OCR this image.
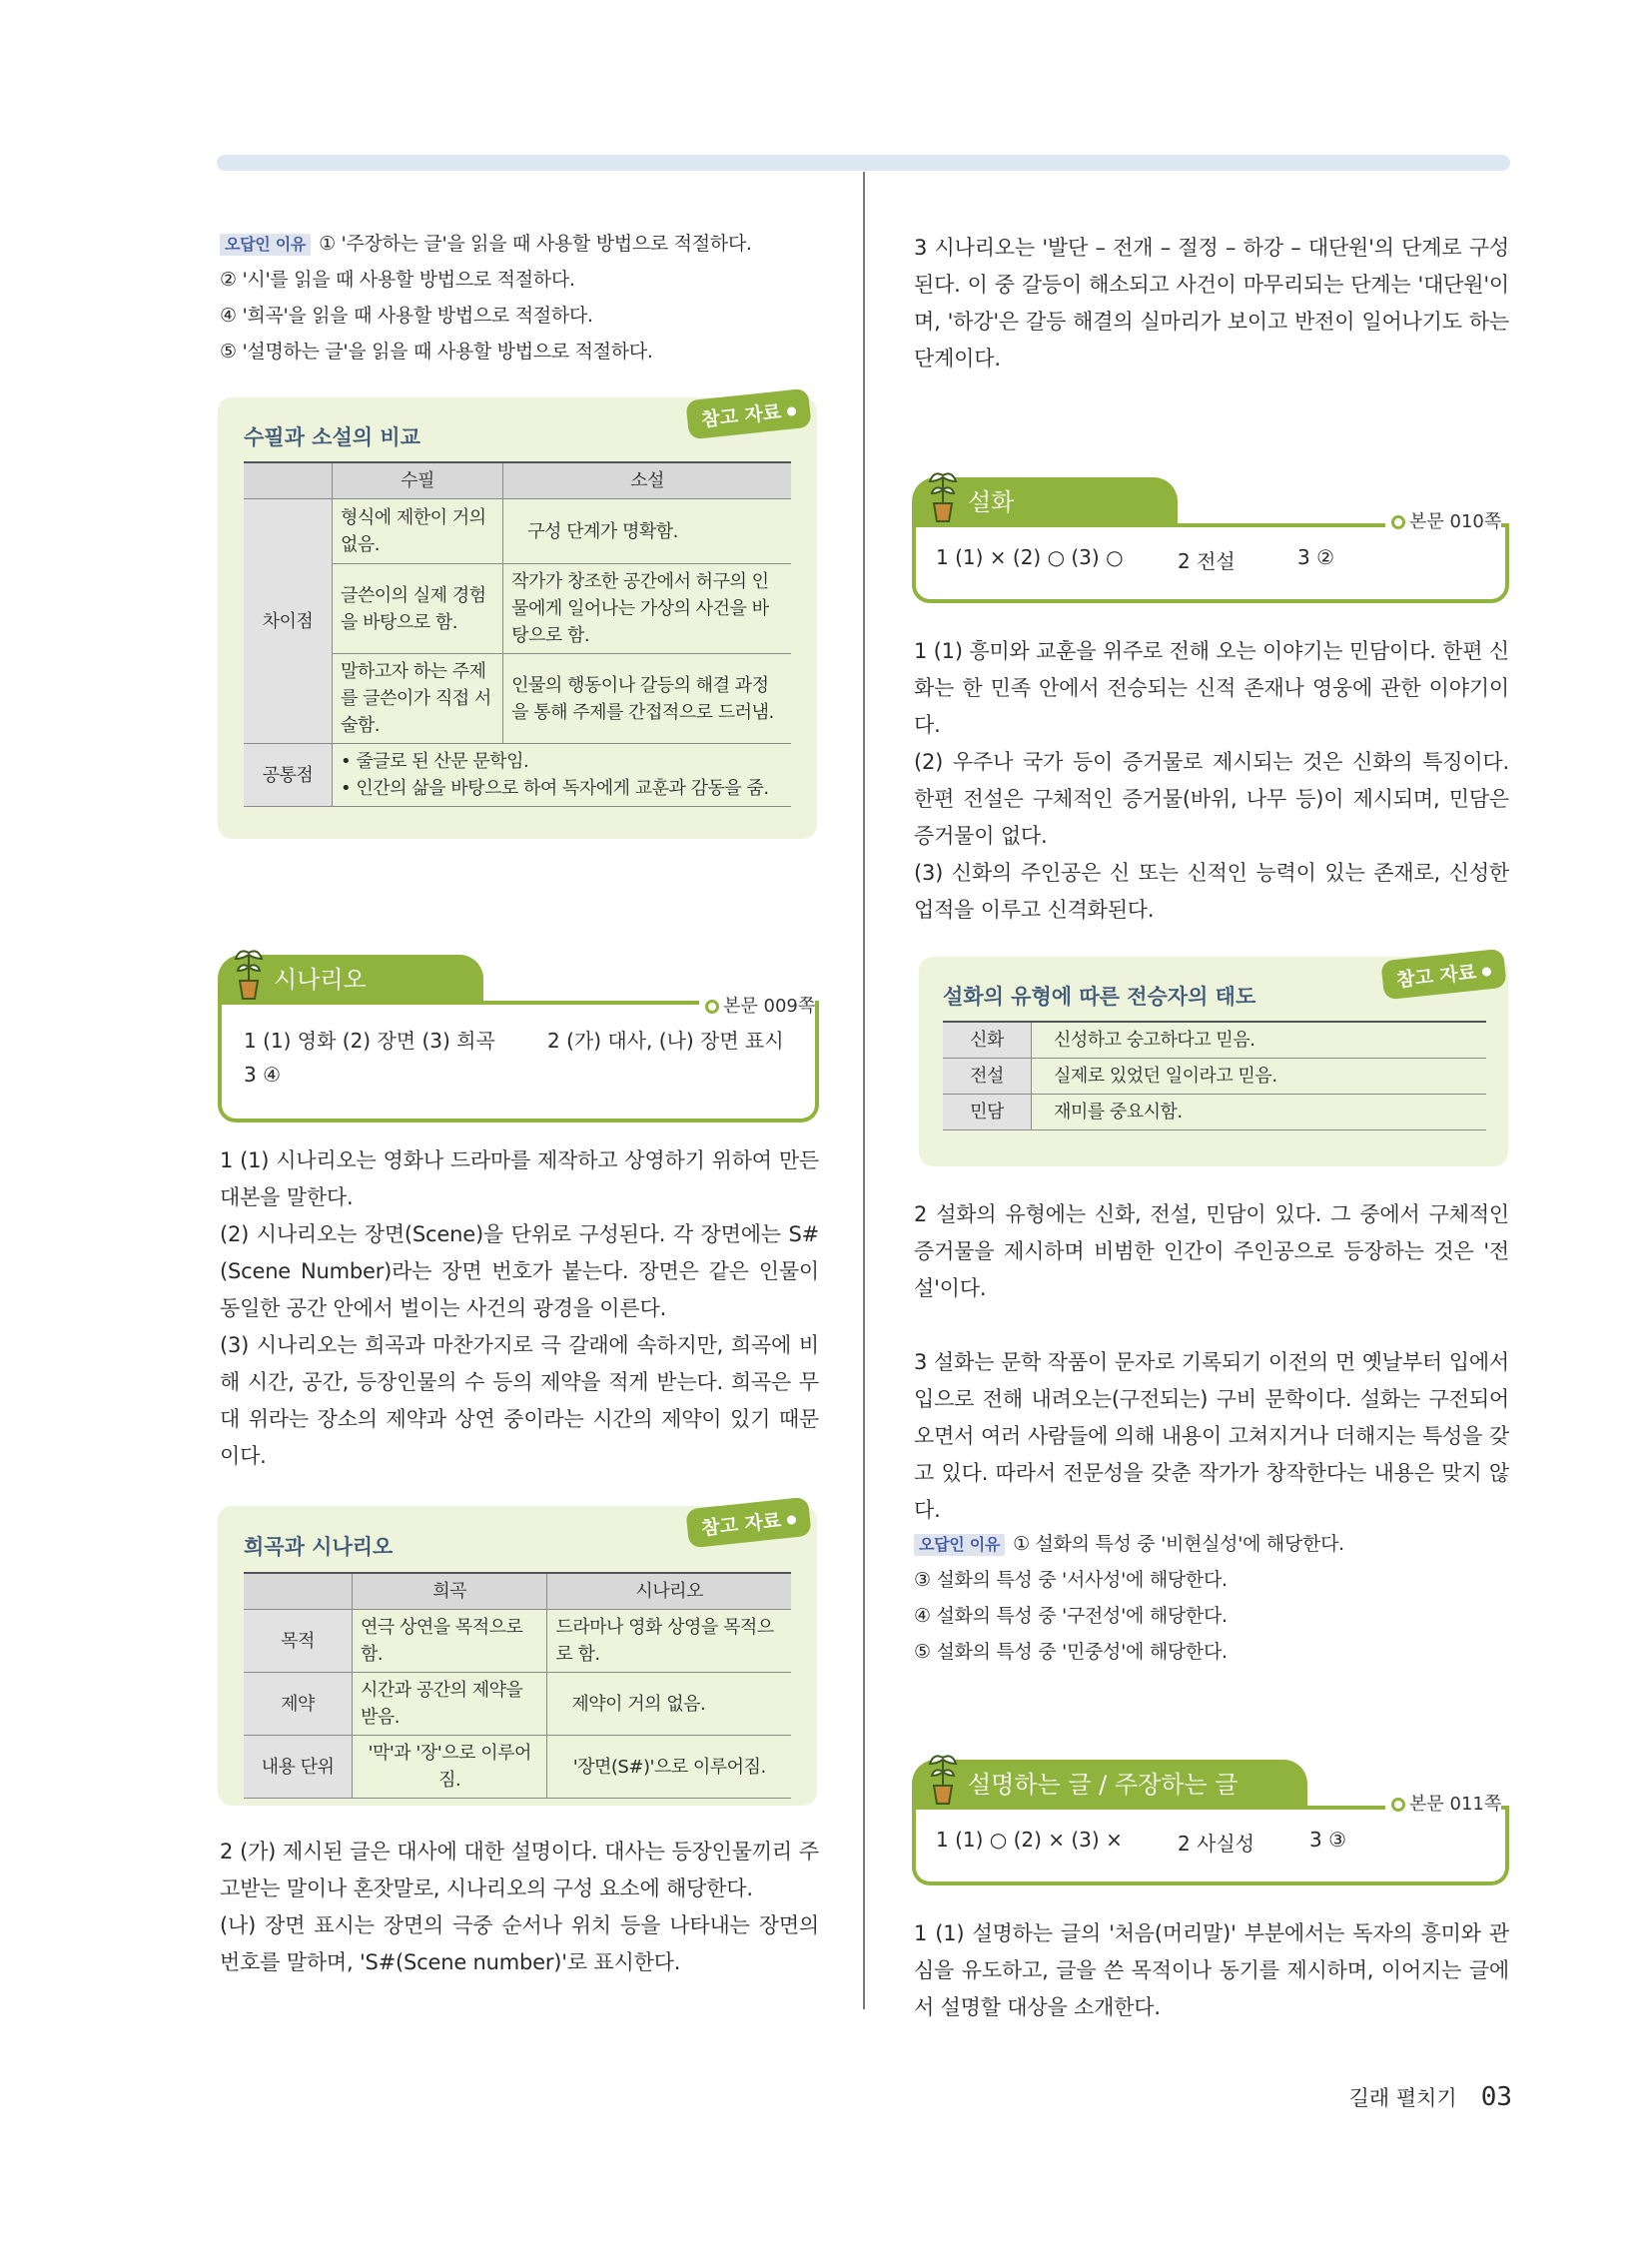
오답인 이유 ① '주장하는 글'을 읽을 때 사용할 방법으로 적절하다.
② '시'를 읽을 때 사용할 방법으로 적절하다.
④ '희곡'을 읽을 때 사용할 방법으로 적절하다.
⑤ '설명하는 글'을 읽을 때 사용할 방법으로 적절하다.
참고 자료
수필과 소설의 비교
	수필	소설
차이점	형식에 제한이 거의 없음.	구성 단계가 명확함.
	글쓴이의 실제 경험을 바탕으로 함.	작가가 창조한 공간에서 허구의 인물에게 일어나는 가상의 사건을 바탕으로 함.
	말하고자 하는 주제를 글쓴이가 직접 서술함.	인물의 행동이나 갈등의 해결 과정을 통해 주제를 간접적으로 드러냄.
공통점	• 줄글로 된 산문 문학임.
• 인간의 삶을 바탕으로 하여 독자에게 교훈과 감동을 줌.	
시나리오
본문 009쪽
1 (1) 영화 (2) 장면 (3) 희곡	2 (가) 대사, (나) 장면 표시
3 ④

1 (1) 시나리오는 영화나 드라마를 제작하고 상영하기 위하여 만든 대본을 말한다.

(2) 시나리오는 장면(Scene)을 단위로 구성된다. 각 장면에는 S#(Scene Number)라는 장면 번호가 붙는다. 장면은 같은 인물이 동일한 공간 안에서 벌이는 사건의 광경을 이른다.

(3) 시나리오는 희곡과 마찬가지로 극 갈래에 속하지만, 희곡에 비해 시간, 공간, 등장인물의 수 등의 제약을 적게 받는다. 희곡은 무대 위라는 장소의 제약과 상연 중이라는 시간의 제약이 있기 때문이다.

참고 자료
희곡과 시나리오
	희곡	시나리오
목적	연극 상연을 목적으로 함.	드라마나 영화 상영을 목적으로 함.
제약	시간과 공간의 제약을 받음.	제약이 거의 없음.
내용 단위	'막'과 '장'으로 이루어짐.	'장면(S#)'으로 이루어짐.

2 (가) 제시된 글은 대사에 대한 설명이다. 대사는 등장인물끼리 주고받는 말이나 혼잣말로, 시나리오의 구성 요소에 해당한다.

(나) 장면 표시는 장면의 극중 순서나 위치 등을 나타내는 장면의 번호를 말하며, 'S#(Scene number)'로 표시한다.

3 시나리오는 '발단 – 전개 – 절정 – 하강 – 대단원'의 단계로 구성된다. 이 중 갈등이 해소되고 사건이 마무리되는 단계는 '대단원'이며, '하강'은 갈등 해결의 실마리가 보이고 반전이 일어나기도 하는 단계이다.

설화
본문 010쪽
1 (1) × (2) ○ (3) ○	2 전설	3 ②

1 (1) 흥미와 교훈을 위주로 전해 오는 이야기는 민담이다. 한편 신화는 한 민족 안에서 전승되는 신적 존재나 영웅에 관한 이야기이다.

(2) 우주나 국가 등이 증거물로 제시되는 것은 신화의 특징이다. 한편 전설은 구체적인 증거물(바위, 나무 등)이 제시되며, 민담은 증거물이 없다.

(3) 신화의 주인공은 신 또는 신적인 능력이 있는 존재로, 신성한 업적을 이루고 신격화된다.

참고 자료
설화의 유형에 따른 전승자의 태도
신화	신성하고 숭고하다고 믿음.
전설	실제로 있었던 일이라고 믿음.
민담	재미를 중요시함.

2 설화의 유형에는 신화, 전설, 민담이 있다. 그 중에서 구체적인 증거물을 제시하며 비범한 인간이 주인공으로 등장하는 것은 '전설'이다.

3 설화는 문학 작품이 문자로 기록되기 이전의 먼 옛날부터 입에서 입으로 전해 내려오는(구전되는) 구비 문학이다. 설화는 구전되어 오면서 여러 사람들에 의해 내용이 고쳐지거나 더해지는 특성을 갖고 있다. 따라서 전문성을 갖춘 작가가 창작한다는 내용은 맞지 않다.

오답인 이유 ① 설화의 특성 중 '비현실성'에 해당한다.
③ 설화의 특성 중 '서사성'에 해당한다.
④ 설화의 특성 중 '구전성'에 해당한다.
⑤ 설화의 특성 중 '민중성'에 해당한다.
설명하는 글 / 주장하는 글
본문 011쪽
1 (1) ○ (2) × (3) ×	2 사실성	3 ③

1 (1) 설명하는 글의 '처음(머리말)' 부분에서는 독자의 흥미와 관심을 유도하고, 글을 쓴 목적이나 동기를 제시하며, 이어지는 글에서 설명할 대상을 소개한다.

길래 펼치기 03
